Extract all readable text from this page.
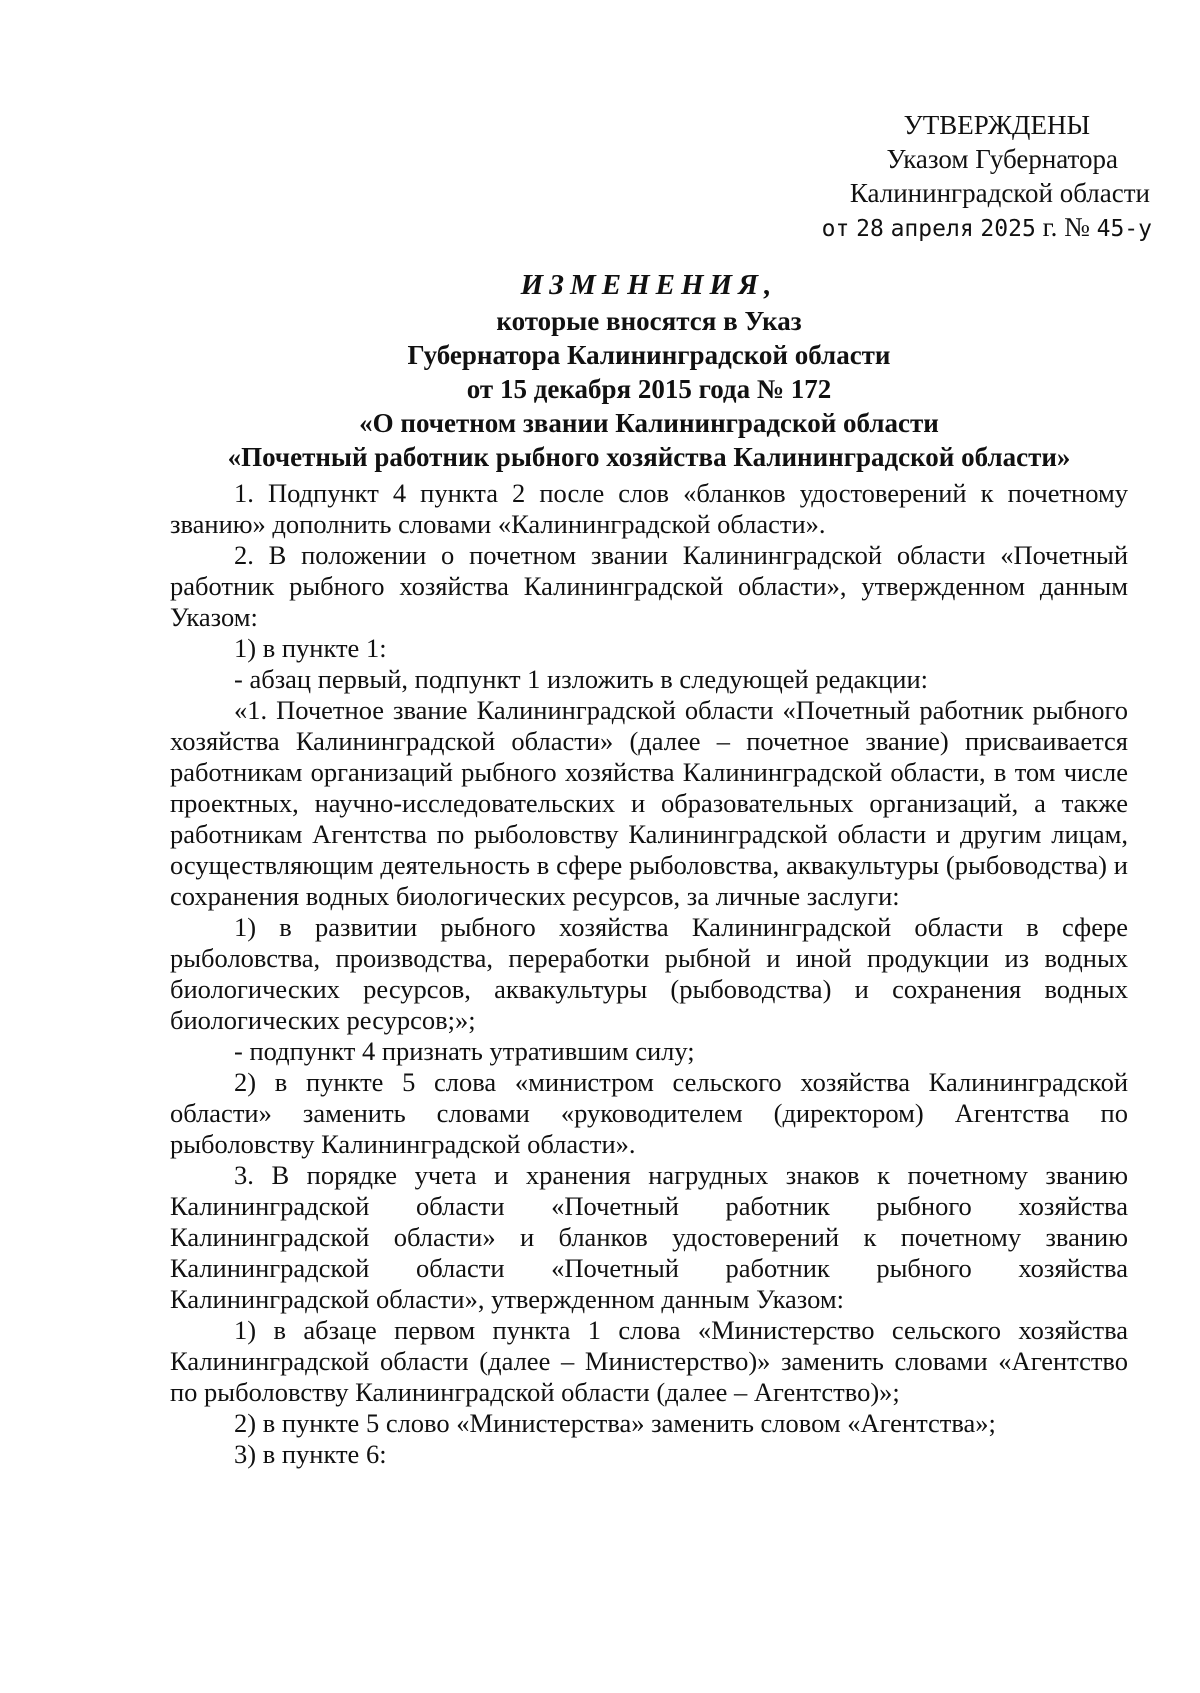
УТВЕРЖДЕНЫ
Указом Губернатора
Калининградской области
от 28 апреля 2025 г. № 45-у
ИЗМЕНЕНИЯ,
которые вносятся в Указ
Губернатора Калининградской области
от 15 декабря 2015 года № 172
«О почетном звании Калининградской области
«Почетный работник рыбного хозяйства Калининградской области»

1. Подпункт 4 пункта 2 после слов «бланков удостоверений к почетному званию» дополнить словами «Калининградской области».

2. В положении о почетном звании Калининградской области «Почетный работник рыбного хозяйства Калининградской области», утвержденном данным Указом:

1) в пункте 1:

- абзац первый, подпункт 1 изложить в следующей редакции:

«1. Почетное звание Калининградской области «Почетный работник рыбного хозяйства Калининградской области» (далее – почетное звание) присваивается работникам организаций рыбного хозяйства Калининградской области, в том числе проектных, научно-исследовательских и образовательных организаций, а также работникам Агентства по рыболовству Калининградской области и другим лицам, осуществляющим деятельность в сфере рыболовства, аквакультуры (рыбоводства) и сохранения водных биологических ресурсов, за личные заслуги:

1) в развитии рыбного хозяйства Калининградской области в сфере рыболовства, производства, переработки рыбной и иной продукции из водных биологических ресурсов, аквакультуры (рыбоводства) и сохранения водных биологических ресурсов;»;

- подпункт 4 признать утратившим силу;

2) в пункте 5 слова «министром сельского хозяйства Калининградской области» заменить словами «руководителем (директором) Агентства по рыболовству Калининградской области».

3. В порядке учета и хранения нагрудных знаков к почетному званию Калининградской области «Почетный работник рыбного хозяйства Калининградской области» и бланков удостоверений к почетному званию Калининградской области «Почетный работник рыбного хозяйства Калининградской области», утвержденном данным Указом:

1) в абзаце первом пункта 1 слова «Министерство сельского хозяйства Калининградской области (далее – Министерство)» заменить словами «Агентство по рыболовству Калининградской области (далее – Агентство)»;

2) в пункте 5 слово «Министерства» заменить словом «Агентства»;

3) в пункте 6:
